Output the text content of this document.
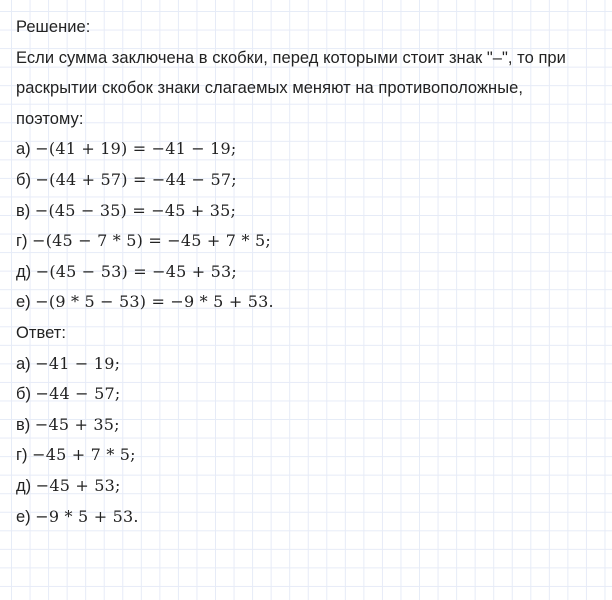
Решение:
Если сумма заключена в скобки, перед которыми стоит знак "–", то при
раскрытии скобок знаки слагаемых меняют на противоположные,
поэтому:
а) −(41 + 19) = −41 − 19;
б) −(44 + 57) = −44 − 57;
в) −(45 − 35) = −45 + 35;
г) −(45 − 7 * 5) = −45 + 7 * 5;
д) −(45 − 53) = −45 + 53;
е) −(9 * 5 − 53) = −9 * 5 + 53.
Ответ:
а) −41 − 19;
б) −44 − 57;
в) −45 + 35;
г) −45 + 7 * 5;
д) −45 + 53;
е) −9 * 5 + 53.
